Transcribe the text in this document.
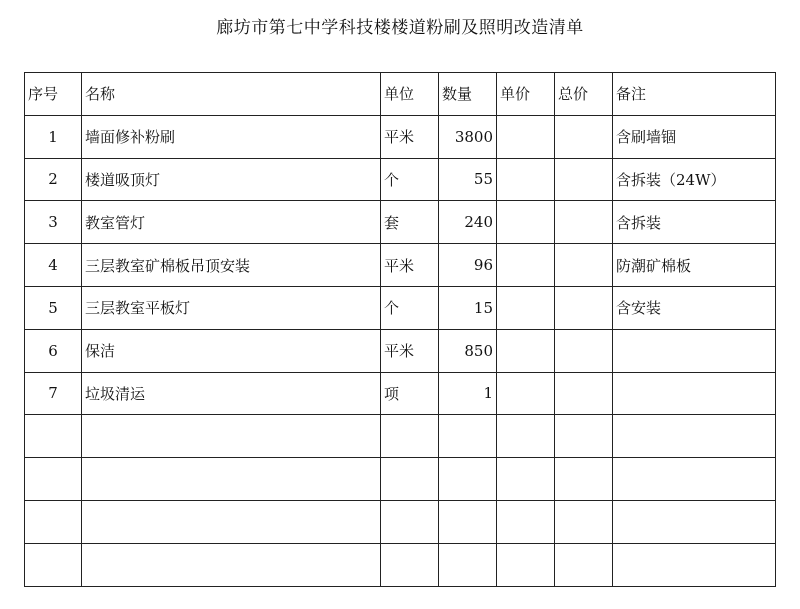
廊坊市第七中学科技楼楼道粉刷及照明改造清单
序号	名称	单位	数量	单价	总价	备注
1	墙面修补粉刷	平米	3800			含刷墙锢
2	楼道吸顶灯	个	55			含拆装（24W）
3	教室管灯	套	240			含拆装
4	三层教室矿棉板吊顶安装	平米	96			防潮矿棉板
5	三层教室平板灯	个	15			含安装
6	保洁	平米	850			
7	垃圾清运	项	1			
